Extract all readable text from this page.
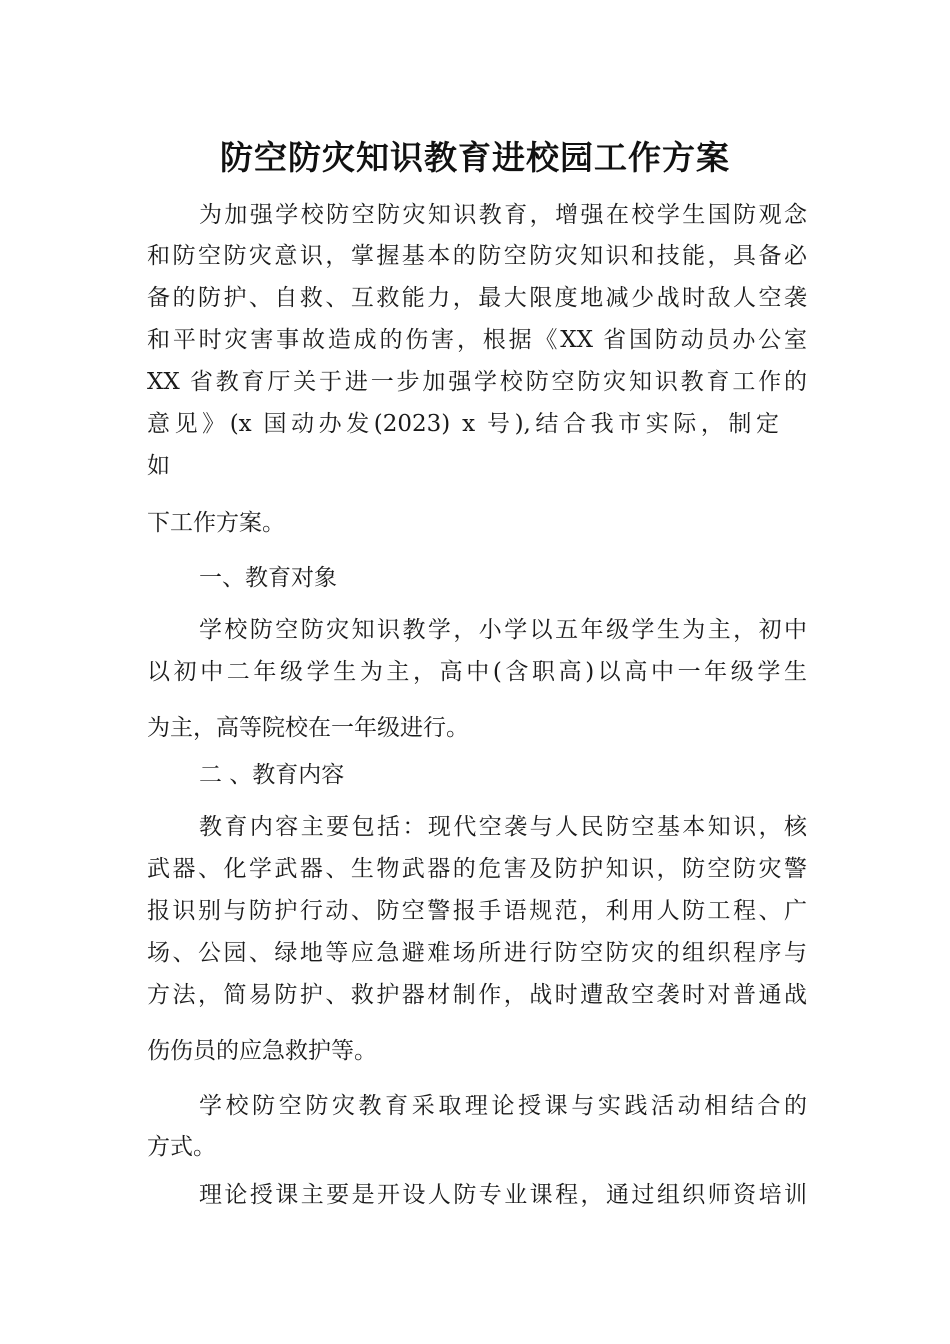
防空防灾知识教育进校园工作方案
为加强学校防空防灾知识教育，增强在校学生国防观念
和防空防灾意识，掌握基本的防空防灾知识和技能，具备必
备的防护、自救、互救能力，最大限度地减少战时敌人空袭
和平时灾害事故造成的伤害，根据《XX 省国防动员办公室
XX 省教育厅关于进一步加强学校防空防灾知识教育工作的
意见》(x 国动办发(2023) x 号),结合我市实际，制定
如
下工作方案。
一、教育对象
学校防空防灾知识教学，小学以五年级学生为主，初中
以初中二年级学生为主，高中(含职高)以高中一年级学生
为主，高等院校在一年级进行。
二 、教育内容
教育内容主要包括：现代空袭与人民防空基本知识，核
武器、化学武器、生物武器的危害及防护知识，防空防灾警
报识别与防护行动、防空警报手语规范，利用人防工程、广
场、公园、绿地等应急避难场所进行防空防灾的组织程序与
方法，简易防护、救护器材制作，战时遭敌空袭时对普通战
伤伤员的应急救护等。
学校防空防灾教育采取理论授课与实践活动相结合的
方式。
理论授课主要是开设人防专业课程，通过组织师资培训
